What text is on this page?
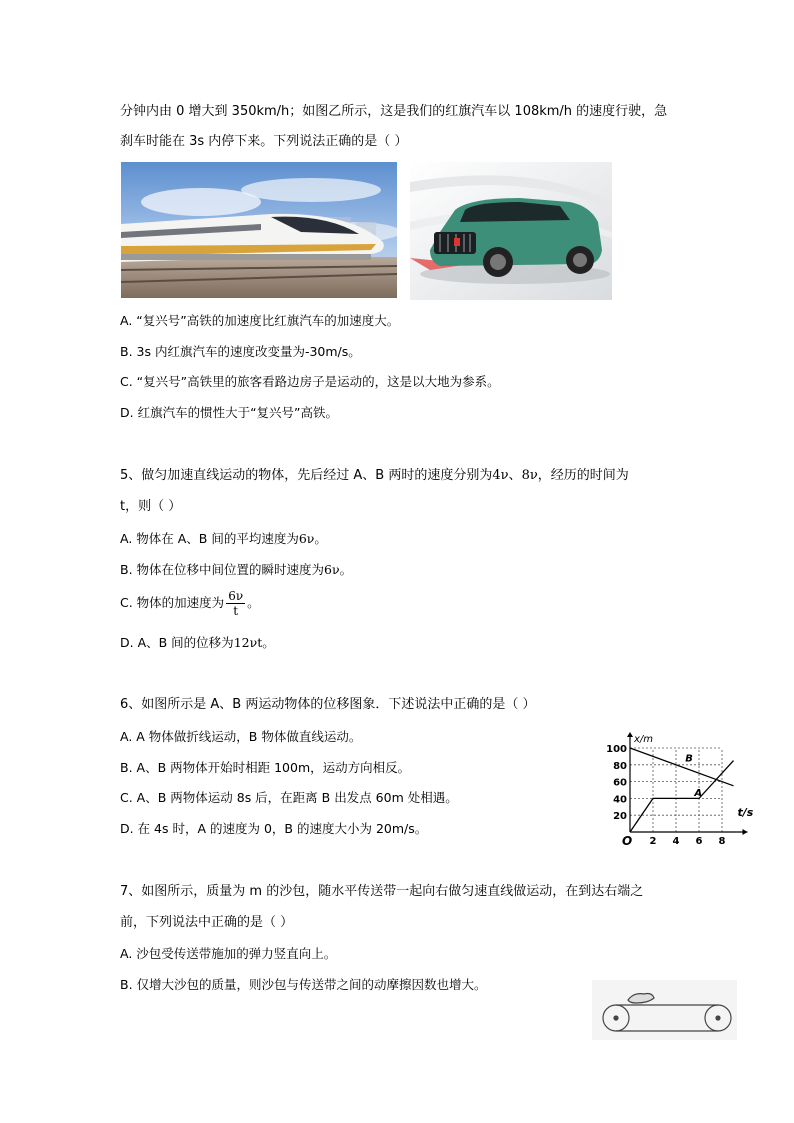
分钟内由 0 增大到 350km/h；如图乙所示，这是我们的红旗汽车以 108km/h 的速度行驶，急
刹车时能在 3s 内停下来。下列说法正确的是（ ）
A. “复兴号”高铁的加速度比红旗汽车的加速度大。
B. 3s 内红旗汽车的速度改变量为-30m/s。
C. “复兴号”高铁里的旅客看路边房子是运动的，这是以大地为参系。
D. 红旗汽车的惯性大于“复兴号”高铁。
5、做匀加速直线运动的物体，先后经过 A、B 两时的速度分别为4ν、8ν，经历的时间为
t，则（ ）
A. 物体在 A、B 间的平均速度为6ν。
B. 物体在位移中间位置的瞬时速度为6ν。
C. 物体的加速度为 $\frac{6\nu}{t}$ 。
D. A、B 间的位移为12νt。
6、如图所示是 A、B 两运动物体的位移图象．下述说法中正确的是（ ）
A. A 物体做折线运动，B 物体做直线运动。
B. A、B 两物体开始时相距 100m，运动方向相反。
C. A、B 两物体运动 8s 后，在距离 B 出发点 60m 处相遇。
D. 在 4s 时，A 的速度为 0，B 的速度大小为 20m/s。
2 4 6 8
20
40
60
80
100
O
x/m
t/s
B
A
7、如图所示，质量为 m 的沙包，随水平传送带一起向右做匀速直线做运动，在到达右端之
前，下列说法中正确的是（ ）
A. 沙包受传送带施加的弹力竖直向上。
B. 仅增大沙包的质量，则沙包与传送带之间的动摩擦因数也增大。
